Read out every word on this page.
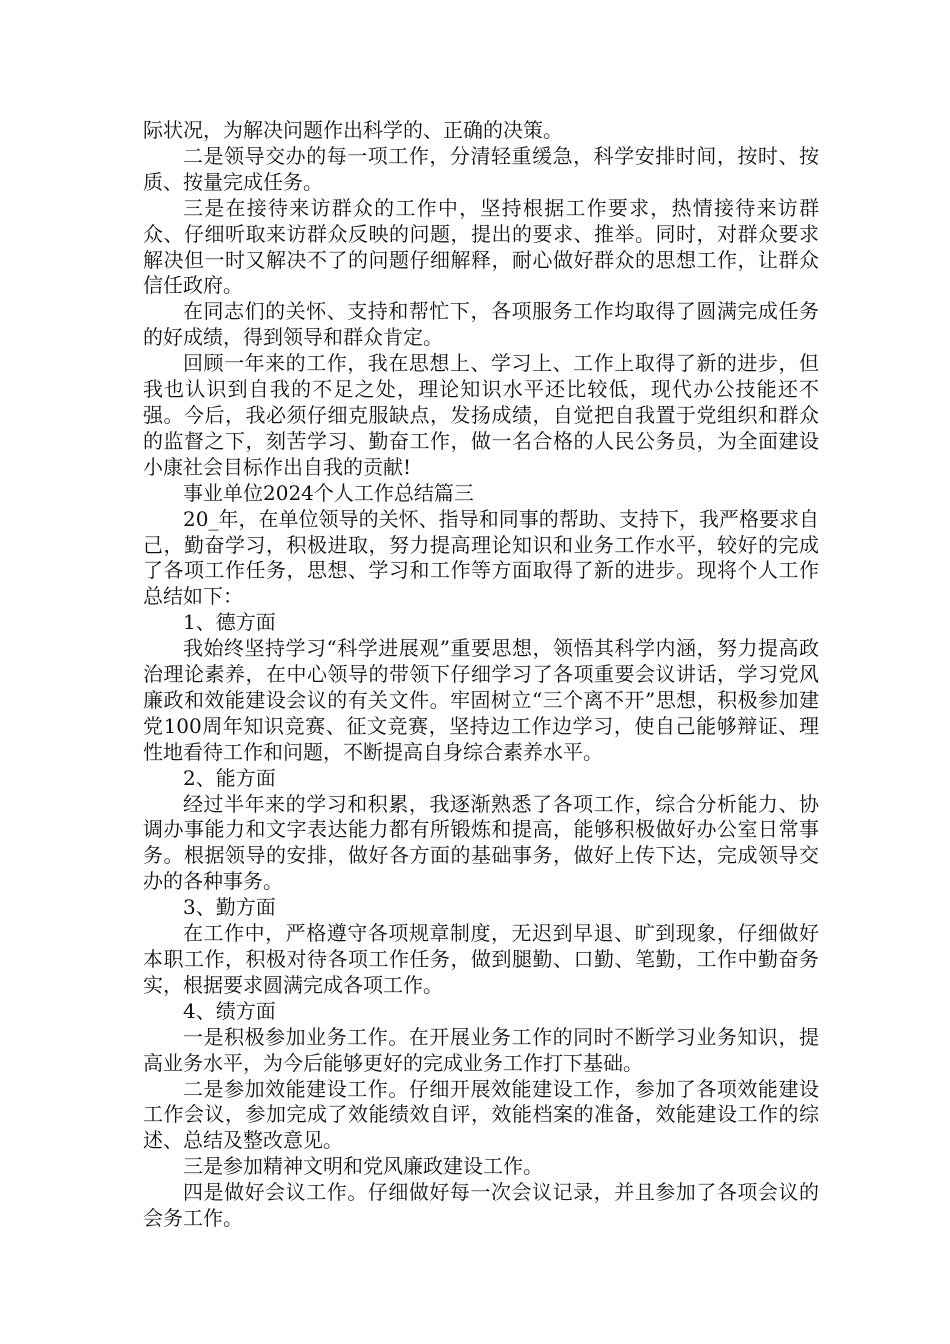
际状况，为解决问题作出科学的、正确的决策。

二是领导交办的每一项工作，分清轻重缓急，科学安排时间，按时、按质、按量完成任务。

三是在接待来访群众的工作中，坚持根据工作要求，热情接待来访群众、仔细听取来访群众反映的问题，提出的要求、推举。同时，对群众要求解决但一时又解决不了的问题仔细解释，耐心做好群众的思想工作，让群众信任政府。

在同志们的关怀、支持和帮忙下，各项服务工作均取得了圆满完成任务的好成绩，得到领导和群众肯定。

回顾一年来的工作，我在思想上、学习上、工作上取得了新的进步，但我也认识到自我的不足之处，理论知识水平还比较低，现代办公技能还不强。今后，我必须仔细克服缺点，发扬成绩，自觉把自我置于党组织和群众的监督之下，刻苦学习、勤奋工作，做一名合格的人民公务员，为全面建设小康社会目标作出自我的贡献!

事业单位2024个人工作总结篇三

20_年，在单位领导的关怀、指导和同事的帮助、支持下，我严格要求自己，勤奋学习，积极进取，努力提高理论知识和业务工作水平，较好的完成了各项工作任务，思想、学习和工作等方面取得了新的进步。现将个人工作总结如下：

1、德方面

我始终坚持学习“科学进展观”重要思想，领悟其科学内涵，努力提高政治理论素养，在中心领导的带领下仔细学习了各项重要会议讲话，学习党风廉政和效能建设会议的有关文件。牢固树立“三个离不开”思想，积极参加建党100周年知识竞赛、征文竞赛，坚持边工作边学习，使自己能够辩证、理性地看待工作和问题，不断提高自身综合素养水平。

2、能方面

经过半年来的学习和积累，我逐渐熟悉了各项工作，综合分析能力、协调办事能力和文字表达能力都有所锻炼和提高，能够积极做好办公室日常事务。根据领导的安排，做好各方面的基础事务，做好上传下达，完成领导交办的各种事务。

3、勤方面

在工作中，严格遵守各项规章制度，无迟到早退、旷到现象，仔细做好本职工作，积极对待各项工作任务，做到腿勤、口勤、笔勤，工作中勤奋务实，根据要求圆满完成各项工作。

4、绩方面

一是积极参加业务工作。在开展业务工作的同时不断学习业务知识，提高业务水平，为今后能够更好的完成业务工作打下基础。

二是参加效能建设工作。仔细开展效能建设工作，参加了各项效能建设工作会议，参加完成了效能绩效自评，效能档案的准备，效能建设工作的综述、总结及整改意见。

三是参加精神文明和党风廉政建设工作。

四是做好会议工作。仔细做好每一次会议记录，并且参加了各项会议的会务工作。
